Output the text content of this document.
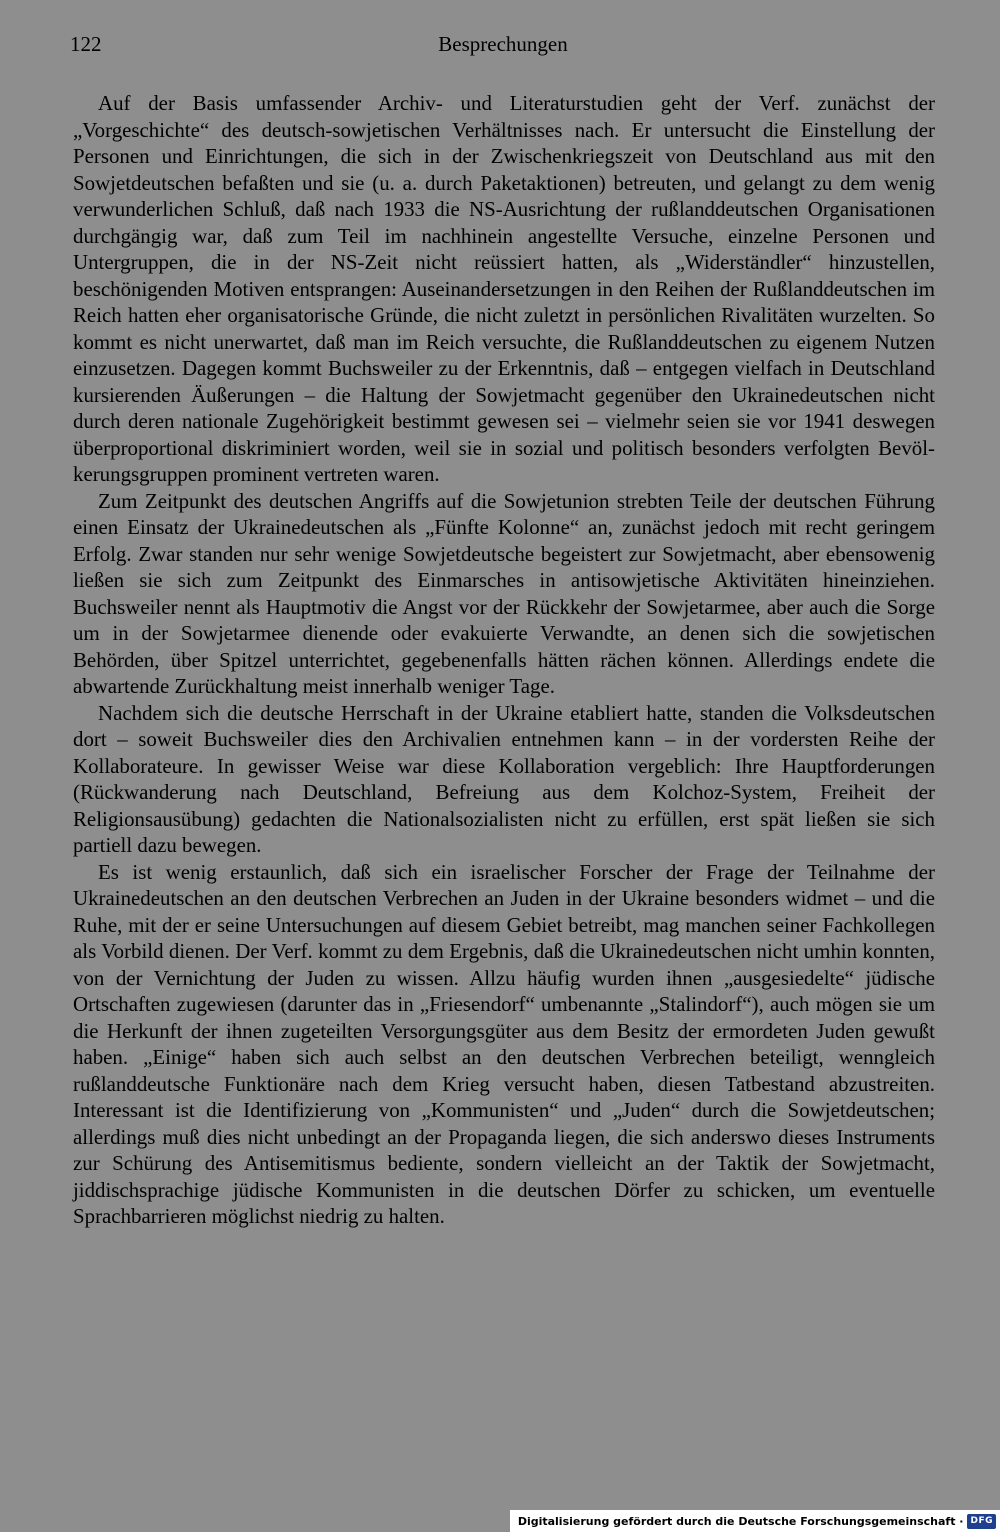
122	Besprechungen

Auf der Basis umfassender Archiv- und Literaturstudien geht der Verf. zunächst der „Vorgeschichte“ des deutsch-sowjetischen Verhältnisses nach. Er untersucht die Einstellung der Personen und Einrichtungen, die sich in der Zwischenkriegszeit von Deutschland aus mit den Sowjetdeutschen befaßten und sie (u. a. durch Paketaktionen) betreuten, und gelangt zu dem wenig verwunderlichen Schluß, daß nach 1933 die NS-Ausrichtung der rußlanddeutschen Organisationen durchgängig war, daß zum Teil im nachhinein angestellte Versuche, einzelne Personen und Untergruppen, die in der NS-Zeit nicht reüssiert hatten, als „Widerständler“ hinzustellen, beschönigenden Motiven entsprangen: Auseinandersetzungen in den Reihen der Rußlanddeutschen im Reich hatten eher organisatorische Gründe, die nicht zuletzt in persönlichen Rivalitäten wurzelten. So kommt es nicht unerwartet, daß man im Reich versuchte, die Rußlanddeutschen zu eigenem Nutzen einzusetzen. Dagegen kommt Buchsweiler zu der Erkenntnis, daß – entgegen vielfach in Deutschland kursierenden Äußerungen – die Haltung der Sowjetmacht gegenüber den Ukrainedeutschen nicht durch deren nationale Zugehörigkeit bestimmt gewesen sei – vielmehr seien sie vor 1941 deswegen überproportional diskriminiert worden, weil sie in sozial und politisch besonders verfolgten Bevölkerungsgruppen prominent vertreten waren.

Zum Zeitpunkt des deutschen Angriffs auf die Sowjetunion strebten Teile der deutschen Führung einen Einsatz der Ukrainedeutschen als „Fünfte Kolonne“ an, zunächst jedoch mit recht geringem Erfolg. Zwar standen nur sehr wenige Sowjetdeutsche begeistert zur Sowjetmacht, aber ebensowenig ließen sie sich zum Zeitpunkt des Einmarsches in antisowjetische Aktivitäten hineinziehen. Buchsweiler nennt als Hauptmotiv die Angst vor der Rückkehr der Sowjetarmee, aber auch die Sorge um in der Sowjetarmee dienende oder evakuierte Verwandte, an denen sich die sowjetischen Behörden, über Spitzel unterrichtet, gegebenenfalls hätten rächen können. Allerdings endete die abwartende Zurückhaltung meist innerhalb weniger Tage.

Nachdem sich die deutsche Herrschaft in der Ukraine etabliert hatte, standen die Volksdeutschen dort – soweit Buchsweiler dies den Archivalien entnehmen kann – in der vordersten Reihe der Kollaborateure. In gewisser Weise war diese Kollaboration vergeblich: Ihre Hauptforderungen (Rückwanderung nach Deutschland, Befreiung aus dem Kolchoz-System, Freiheit der Religionsausübung) gedachten die Nationalsozialisten nicht zu erfüllen, erst spät ließen sie sich partiell dazu bewegen.

Es ist wenig erstaunlich, daß sich ein israelischer Forscher der Frage der Teilnahme der Ukrainedeutschen an den deutschen Verbrechen an Juden in der Ukraine besonders widmet – und die Ruhe, mit der er seine Untersuchungen auf diesem Gebiet betreibt, mag manchen seiner Fachkollegen als Vorbild dienen. Der Verf. kommt zu dem Ergebnis, daß die Ukrainedeutschen nicht umhin konnten, von der Vernichtung der Juden zu wissen. Allzu häufig wurden ihnen „ausgesiedelte“ jüdische Ortschaften zugewiesen (darunter das in „Friesendorf“ umbenannte „Stalindorf“), auch mögen sie um die Herkunft der ihnen zugeteilten Versorgungsgüter aus dem Besitz der ermordeten Juden gewußt haben. „Einige“ haben sich auch selbst an den deutschen Verbrechen beteiligt, wenngleich rußlanddeutsche Funktionäre nach dem Krieg versucht haben, diesen Tatbestand abzustreiten. Interessant ist die Identifizierung von „Kommunisten“ und „Juden“ durch die Sowjetdeutschen; allerdings muß dies nicht unbedingt an der Propaganda liegen, die sich anderswo dieses Instruments zur Schürung des Antisemitismus bediente, sondern vielleicht an der Taktik der Sowjetmacht, jiddischsprachige jüdische Kommunisten in die deutschen Dörfer zu schicken, um eventuelle Sprachbarrieren möglichst niedrig zu halten.

Digitalisierung gefördert durch die Deutsche Forschungsgemeinschaft · DFG
